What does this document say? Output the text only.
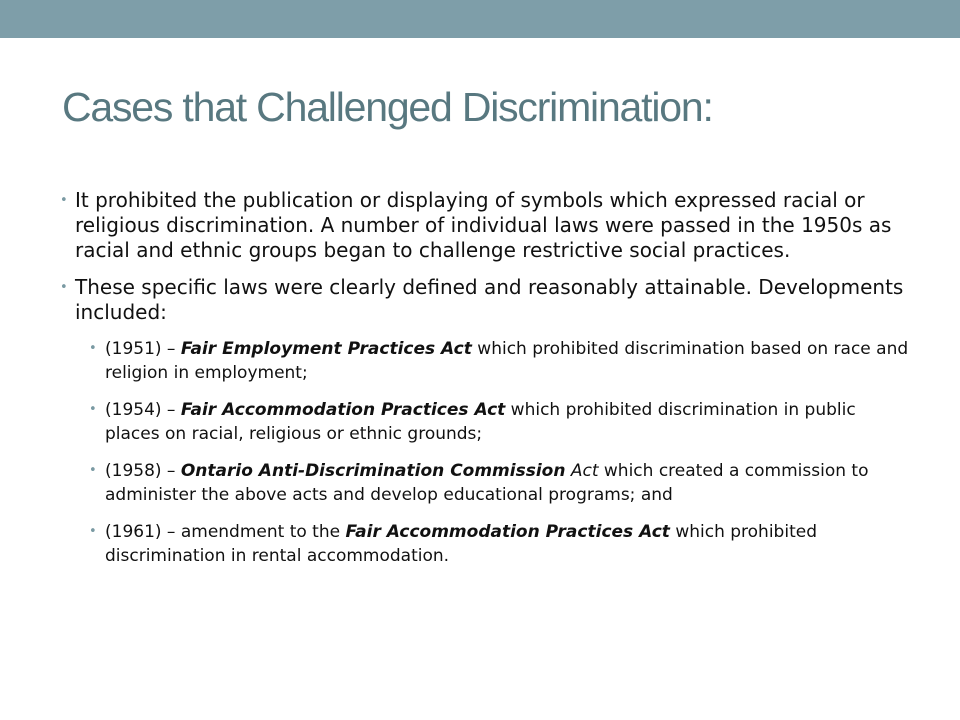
Cases that Challenged Discrimination:

• It prohibited the publication or displaying of symbols which expressed racial or religious discrimination. A number of individual laws were passed in the 1950s as racial and ethnic groups began to challenge restrictive social practices.

• These specific laws were clearly defined and reasonably attainable. Developments included:

• (1951) – Fair Employment Practices Act which prohibited discrimination based on race and religion in employment;

• (1954) – Fair Accommodation Practices Act which prohibited discrimination in public places on racial, religious or ethnic grounds;

• (1958) – Ontario Anti-Discrimination Commission Act which created a commission to administer the above acts and develop educational programs; and

• (1961) – amendment to the Fair Accommodation Practices Act which prohibited discrimination in rental accommodation.
